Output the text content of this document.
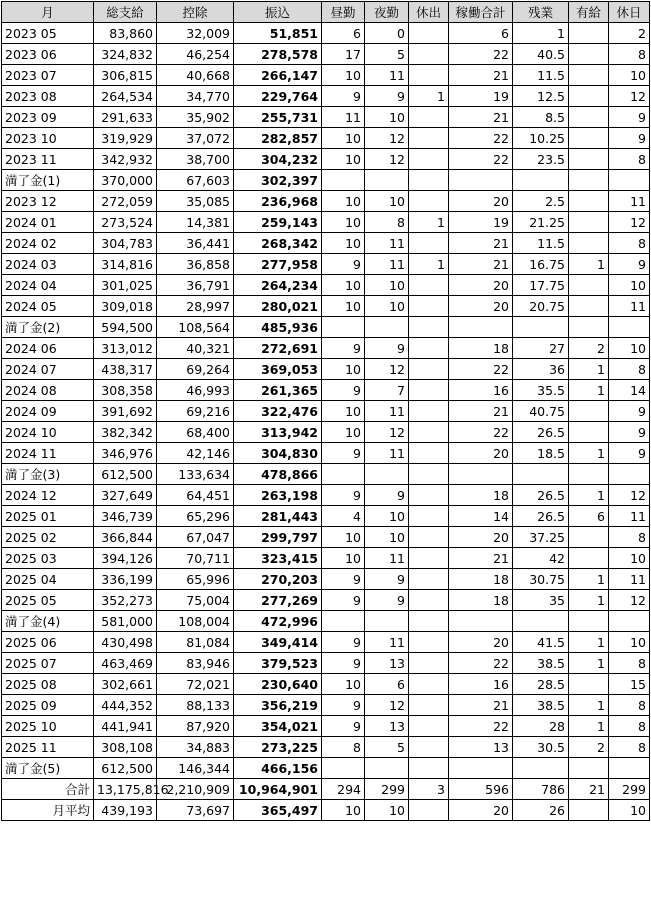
月	総支給	控除	振込	昼勤	夜勤	休出	稼働合計	残業	有給	休日
2023 05	83,860	32,009	51,851	6	0		6	1		2
2023 06	324,832	46,254	278,578	17	5		22	40.5		8
2023 07	306,815	40,668	266,147	10	11		21	11.5		10
2023 08	264,534	34,770	229,764	9	9	1	19	12.5		12
2023 09	291,633	35,902	255,731	11	10		21	8.5		9
2023 10	319,929	37,072	282,857	10	12		22	10.25		9
2023 11	342,932	38,700	304,232	10	12		22	23.5		8
満了金(1)	370,000	67,603	302,397							
2023 12	272,059	35,085	236,968	10	10		20	2.5		11
2024 01	273,524	14,381	259,143	10	8	1	19	21.25		12
2024 02	304,783	36,441	268,342	10	11		21	11.5		8
2024 03	314,816	36,858	277,958	9	11	1	21	16.75	1	9
2024 04	301,025	36,791	264,234	10	10		20	17.75		10
2024 05	309,018	28,997	280,021	10	10		20	20.75		11
満了金(2)	594,500	108,564	485,936							
2024 06	313,012	40,321	272,691	9	9		18	27	2	10
2024 07	438,317	69,264	369,053	10	12		22	36	1	8
2024 08	308,358	46,993	261,365	9	7		16	35.5	1	14
2024 09	391,692	69,216	322,476	10	11		21	40.75		9
2024 10	382,342	68,400	313,942	10	12		22	26.5		9
2024 11	346,976	42,146	304,830	9	11		20	18.5	1	9
満了金(3)	612,500	133,634	478,866							
2024 12	327,649	64,451	263,198	9	9		18	26.5	1	12
2025 01	346,739	65,296	281,443	4	10		14	26.5	6	11
2025 02	366,844	67,047	299,797	10	10		20	37.25		8
2025 03	394,126	70,711	323,415	10	11		21	42		10
2025 04	336,199	65,996	270,203	9	9		18	30.75	1	11
2025 05	352,273	75,004	277,269	9	9		18	35	1	12
満了金(4)	581,000	108,004	472,996							
2025 06	430,498	81,084	349,414	9	11		20	41.5	1	10
2025 07	463,469	83,946	379,523	9	13		22	38.5	1	8
2025 08	302,661	72,021	230,640	10	6		16	28.5		15
2025 09	444,352	88,133	356,219	9	12		21	38.5	1	8
2025 10	441,941	87,920	354,021	9	13		22	28	1	8
2025 11	308,108	34,883	273,225	8	5		13	30.5	2	8
満了金(5)	612,500	146,344	466,156							
合計	13,175,816	2,210,909	10,964,901	294	299	3	596	786	21	299
月平均	439,193	73,697	365,497	10	10		20	26		10
